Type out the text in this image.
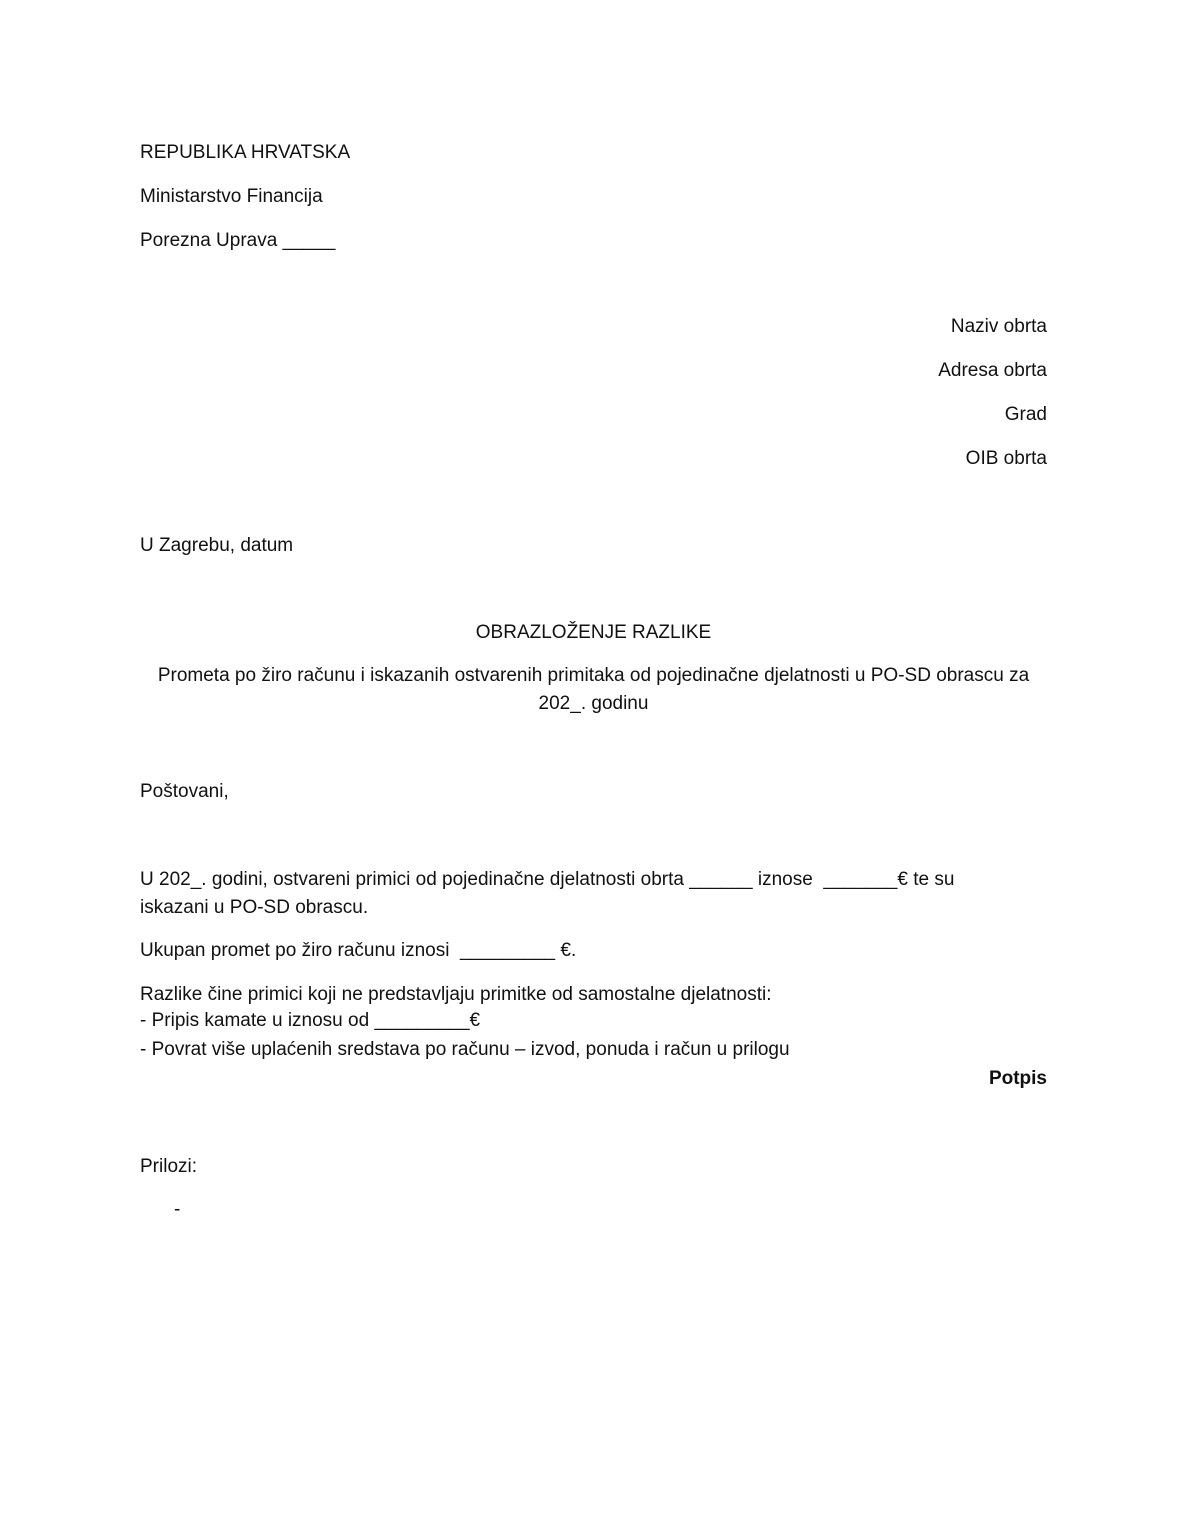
REPUBLIKA HRVATSKA
Ministarstvo Financija
Porezna Uprava _____
Naziv obrta
Adresa obrta
Grad
OIB obrta
U Zagrebu, datum
OBRAZLOŽENJE RAZLIKE
Prometa po žiro računu i iskazanih ostvarenih primitaka od pojedinačne djelatnosti u PO-SD obrascu za
202_. godinu
Poštovani,
U 202_. godini, ostvareni primici od pojedinačne djelatnosti obrta ______ iznose  _______€ te su
iskazani u PO-SD obrascu.
Ukupan promet po žiro računu iznosi  _________ €.
Razlike čine primici koji ne predstavljaju primitke od samostalne djelatnosti:
- Pripis kamate u iznosu od _________€
- Povrat više uplaćenih sredstava po računu – izvod, ponuda i račun u prilogu
Potpis
Prilozi:
-
